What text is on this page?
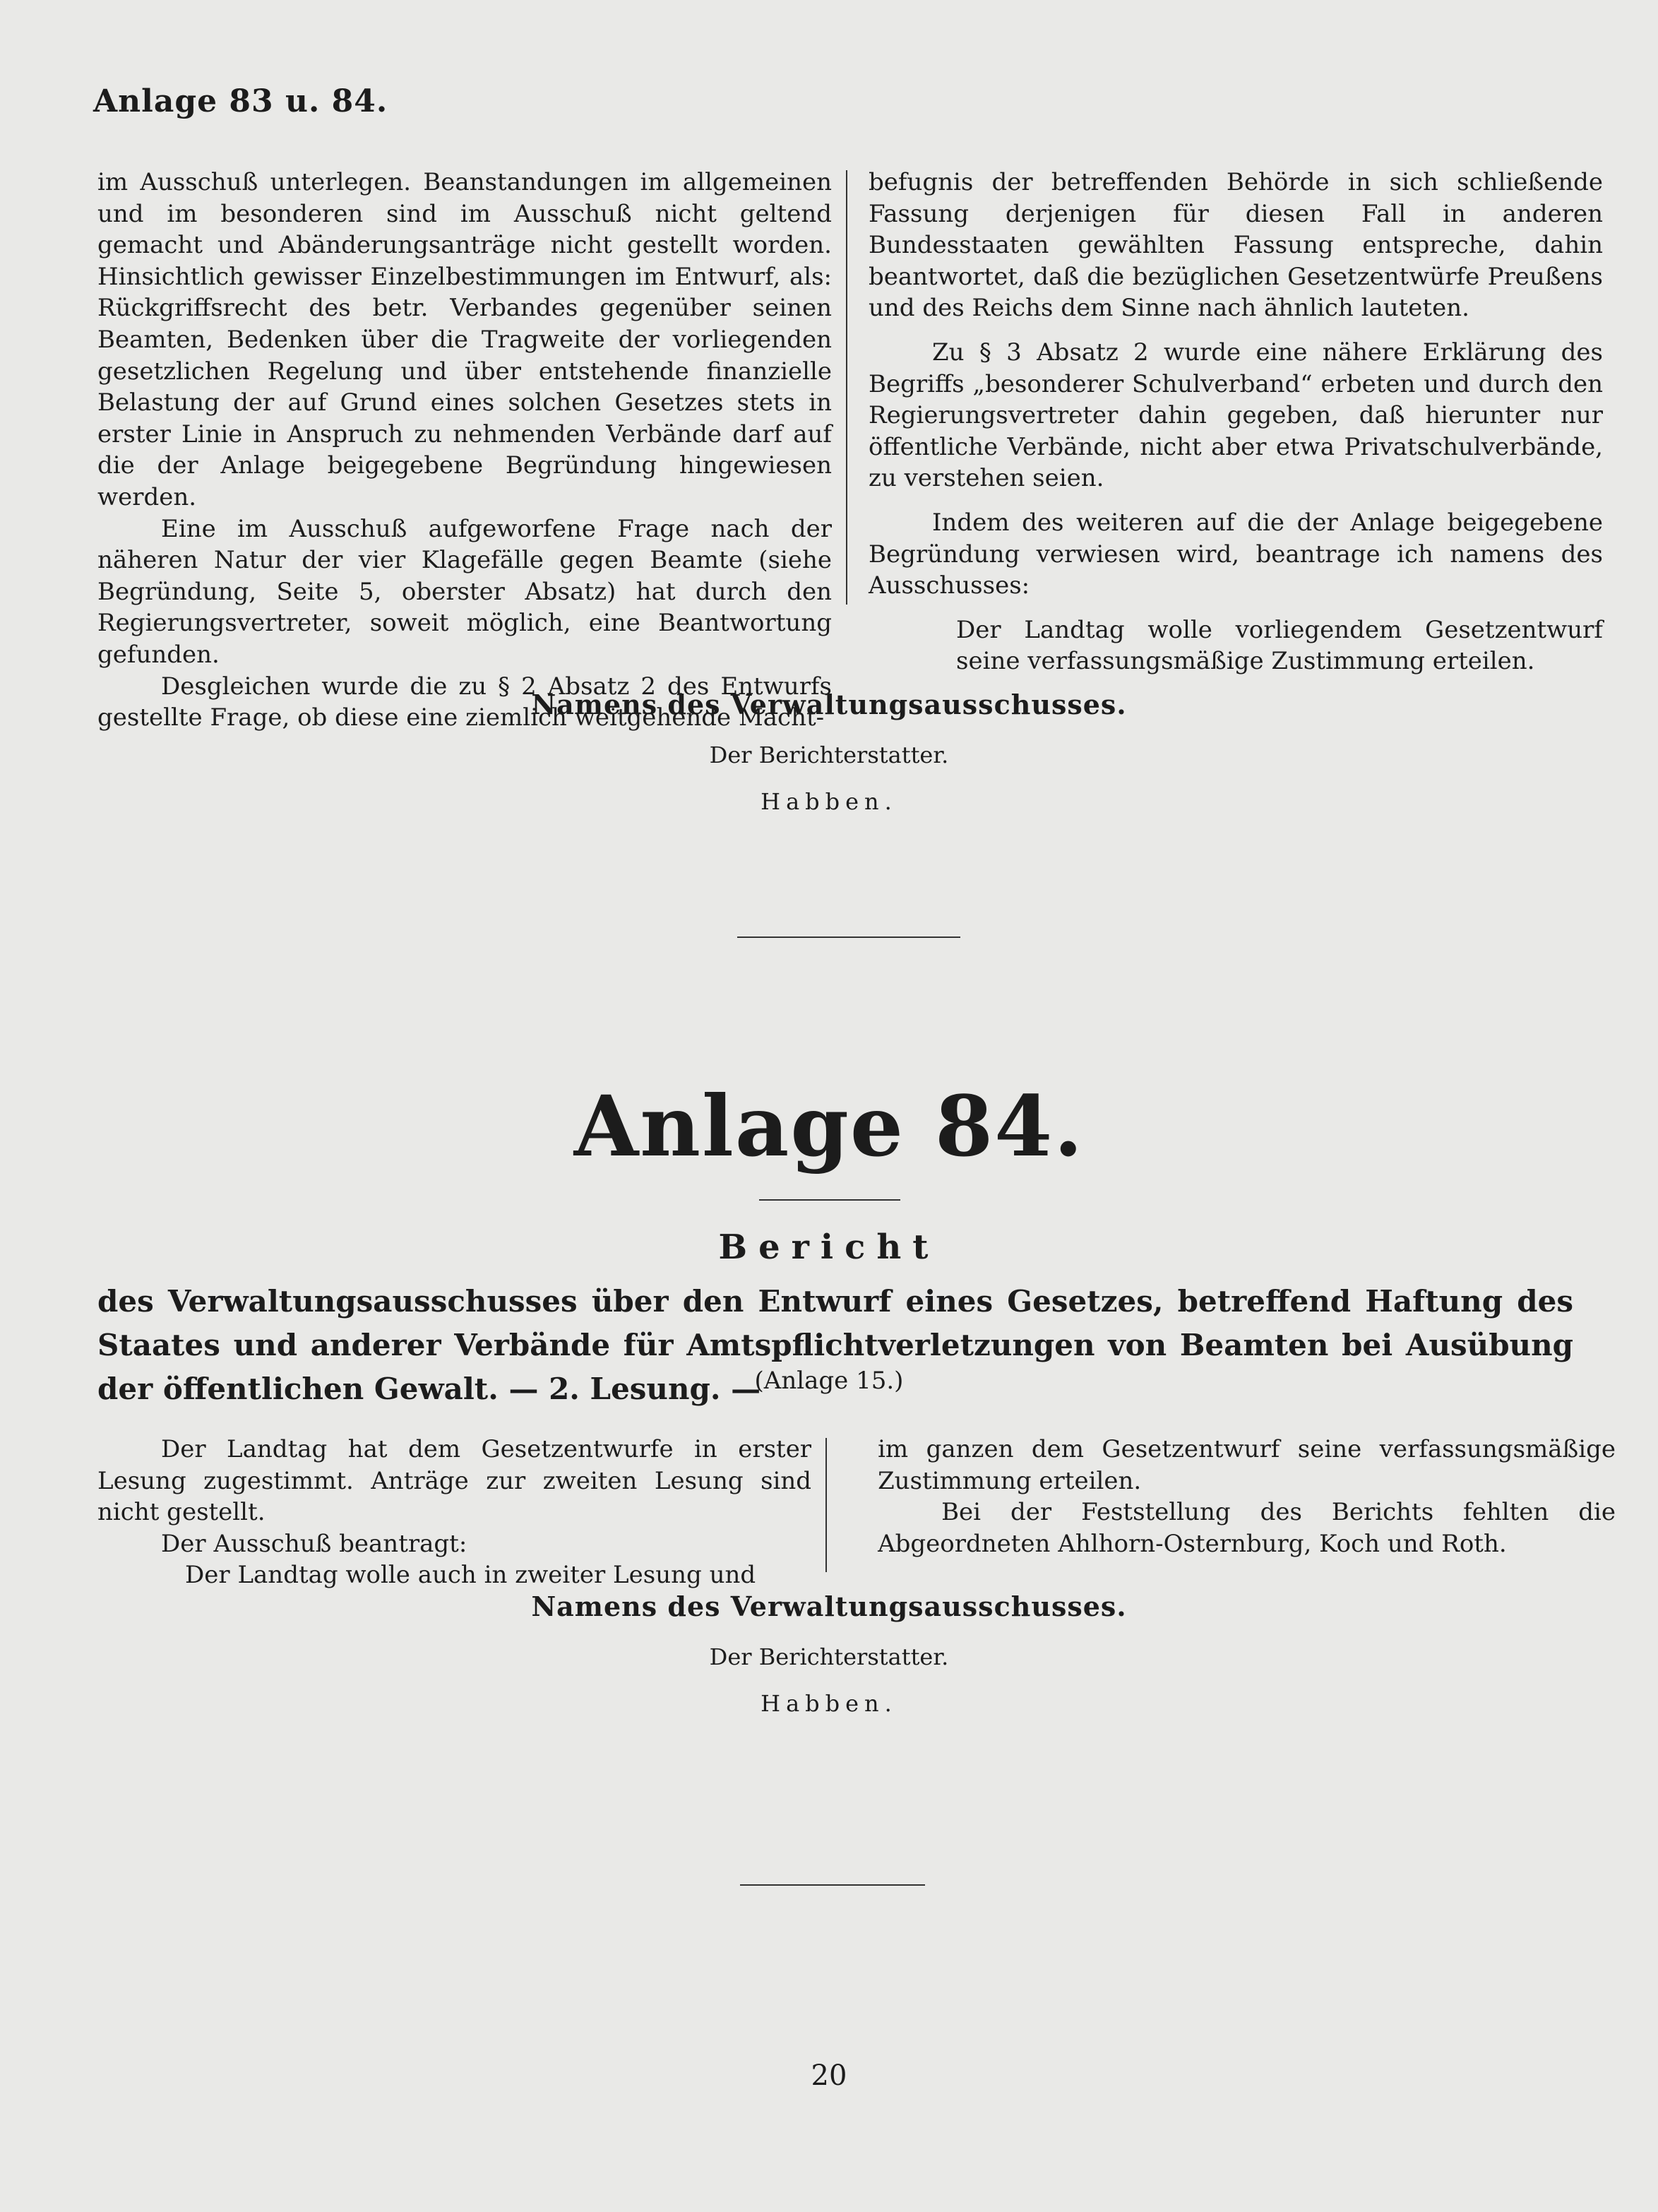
Anlage 83 u. 84.

im Ausschuß unterlegen. Beanstandungen im allgemeinen und im besonderen sind im Ausschuß nicht geltend gemacht und Abänderungsanträge nicht gestellt worden. Hinsichtlich gewisser Einzelbestimmungen im Entwurf, als: Rückgriffsrecht des betr. Verbandes gegenüber seinen Beamten, Bedenken über die Tragweite der vorliegenden gesetzlichen Regelung und über entstehende finanzielle Belastung der auf Grund eines solchen Gesetzes stets in erster Linie in Anspruch zu nehmenden Verbände darf auf die der Anlage beigegebene Begründung hingewiesen werden.

Eine im Ausschuß aufgeworfene Frage nach der näheren Natur der vier Klagefälle gegen Beamte (siehe Begründung, Seite 5, oberster Absatz) hat durch den Regierungsvertreter, soweit möglich, eine Beantwortung gefunden.

Desgleichen wurde die zu § 2 Absatz 2 des Entwurfs gestellte Frage, ob diese eine ziemlich weitgehende Macht-

befugnis der betreffenden Behörde in sich schließende Fassung derjenigen für diesen Fall in anderen Bundesstaaten gewählten Fassung entspreche, dahin beantwortet, daß die bezüglichen Gesetzentwürfe Preußens und des Reichs dem Sinne nach ähnlich lauteten.

Zu § 3 Absatz 2 wurde eine nähere Erklärung des Begriffs „besonderer Schulverband“ erbeten und durch den Regierungsvertreter dahin gegeben, daß hierunter nur öffentliche Verbände, nicht aber etwa Privatschulverbände, zu verstehen seien.

Indem des weiteren auf die der Anlage beigegebene Begründung verwiesen wird, beantrage ich namens des Ausschusses:

Der Landtag wolle vorliegendem Gesetzentwurf seine verfassungsmäßige Zustimmung erteilen.

Namens des Verwaltungsausschusses.
Der Berichterstatter.
Habben.
Anlage 84.
Bericht
des Verwaltungsausschusses über den Entwurf eines Gesetzes, betreffend Haftung des Staates und anderer Verbände für Amtspflichtverletzungen von Beamten bei Ausübung der öffentlichen Gewalt. — 2. Lesung. —
(Anlage 15.)

Der Landtag hat dem Gesetzentwurfe in erster Lesung zugestimmt. Anträge zur zweiten Lesung sind nicht gestellt.

Der Ausschuß beantragt:

Der Landtag wolle auch in zweiter Lesung und

im ganzen dem Gesetzentwurf seine verfassungsmäßige Zustimmung erteilen.

Bei der Feststellung des Berichts fehlten die Abgeordneten Ahlhorn-Osternburg, Koch und Roth.

Namens des Verwaltungsausschusses.
Der Berichterstatter.
Habben.
20
